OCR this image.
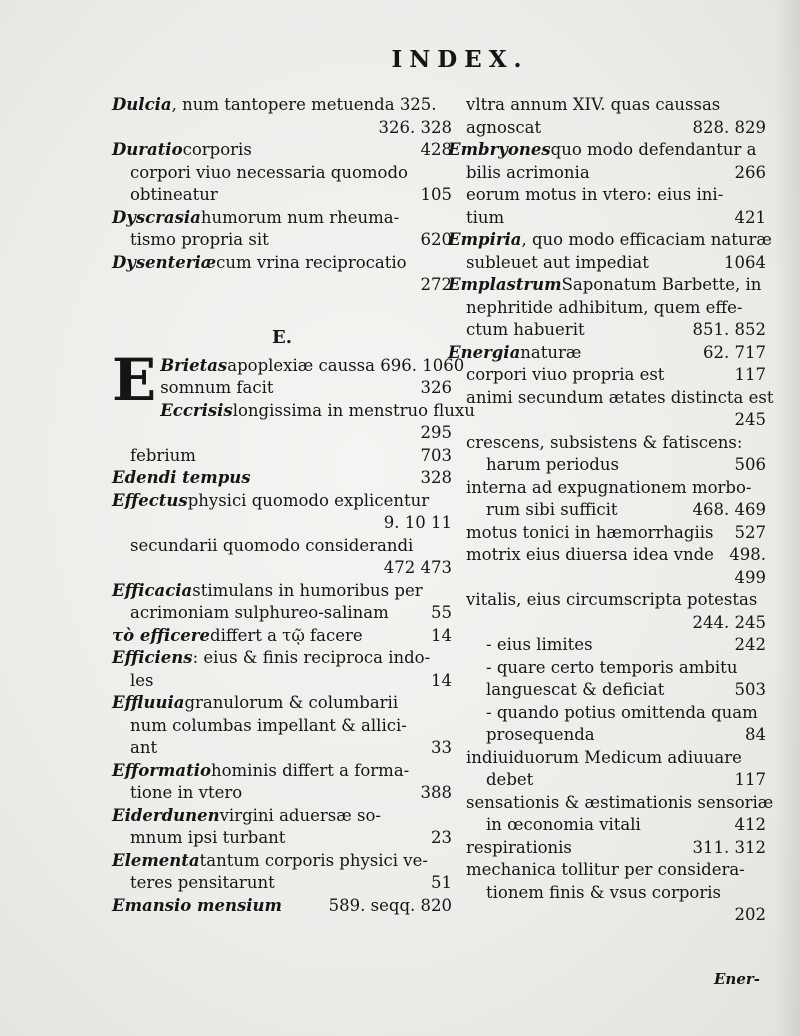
INDEX.
Dulcia, num tantopere metuenda 325.
326. 328
Duratiocorporis	428
corpori viuo necessaria quomodo
obtineatur	105
Dyscrasiahumorum num rheuma-
tismo propria sit	620
Dysenteriæcum vrina reciprocatio
272
E.
E Brietasapoplexiæ caussa 696. 1060
somnum facit	326
Eccrisislongissima in menstruo fluxu
295
febrium	703
Edendi tempus	328
Effectusphysici quomodo explicentur
9. 10 11
secundarii quomodo considerandi
472 473
Efficaciastimulans in humoribus per
acrimoniam sulphureo-salinam	55
τὸ efficerediffert a τῷ facere	14
Efficiens: eius & finis reciproca indo-
les	14
Effluuiagranulorum & columbarii
num columbas impellant & allici-
ant	33
Efformatiohominis differt a forma-
tione in vtero	388
Eiderdunenvirgini aduersæ so-
mnum ipsi turbant	23
Elementatantum corporis physici ve-
teres pensitarunt	51
Emansio mensium	589. seqq. 820
vltra annum XIV. quas caussas
agnoscat	828. 829
Embryonesquo modo defendantur a
bilis acrimonia	266
eorum motus in vtero: eius ini-
tium	421
Empiria, quo modo efficaciam naturæ
subleuet aut impediat	1064
EmplastrumSaponatum Barbette, in
nephritide adhibitum, quem effe-
ctum habuerit	851. 852
Energianaturæ	62. 717
corpori viuo propria est	117
animi secundum ætates distincta est
245
crescens, subsistens & fatiscens:
harum periodus	506
interna ad expugnationem morbo-
rum sibi sufficit	468. 469
motus tonici in hæmorrhagiis 527
motrix eius diuersa idea vnde 498.
499
vitalis, eius circumscripta potestas
244. 245
- eius limites	242
- quare certo temporis ambitu
languescat & deficiat	503
- quando potius omittenda quam
prosequenda	84
indiuiduorum Medicum adiuuare
debet	117
sensationis & æstimationis sensoriæ
in œconomia vitali	412
respirationis	311. 312
mechanica tollitur per considera-
tionem finis & vsus corporis
202
Ener-
